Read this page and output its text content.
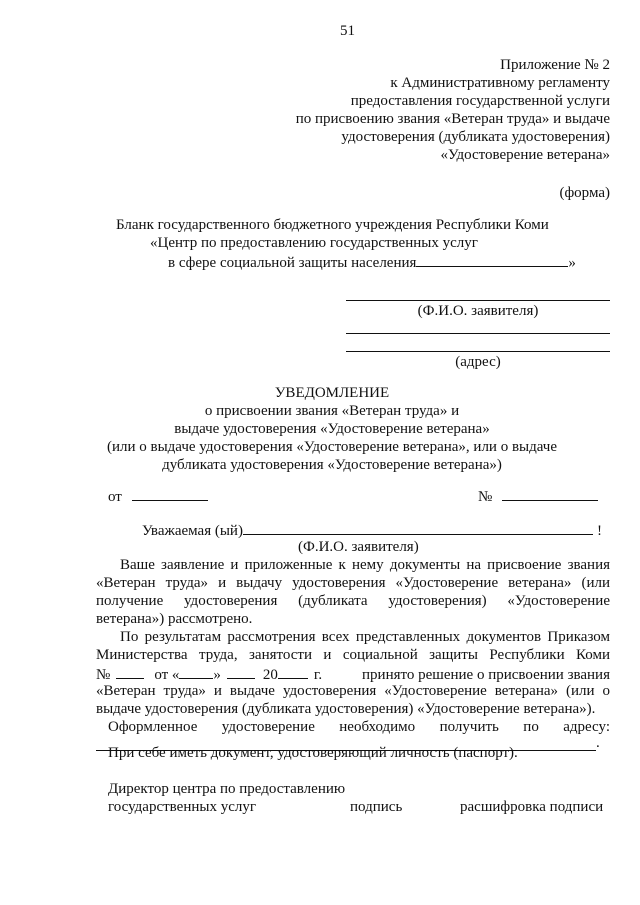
51
Приложение № 2
к Административному регламенту
предоставления государственной услуги
по присвоению звания «Ветеран труда» и выдаче
удостоверения (дубликата удостоверения)
«Удостоверение ветерана»
(форма)
Бланк государственного бюджетного учреждения Республики Коми
«Центр по предоставлению государственных услуг
в сфере социальной защиты населения	»
(Ф.И.О. заявителя)
(адрес)
УВЕДОМЛЕНИЕ
о присвоении звания «Ветеран труда» и
выдаче удостоверения «Удостоверение ветерана»
(или о выдаче удостоверения «Удостоверение ветерана», или о выдаче
дубликата удостоверения «Удостоверение ветерана»)
от	№
Уважаемая (ый)	!
(Ф.И.О. заявителя)
Ваше заявление и приложенные к нему документы на присвоение звания
«Ветеран труда» и выдачу удостоверения «Удостоверение ветерана» (или
получение удостоверения (дубликата удостоверения) «Удостоверение
ветерана») рассмотрено.
По результатам рассмотрения всех представленных документов Приказом
Министерства труда, занятости и социальной защиты Республики Коми
№	от « »	20 г.	принято решение о присвоении звания
«Ветеран труда» и выдаче удостоверения «Удостоверение ветерана» (или о
выдаче удостоверения (дубликата удостоверения) «Удостоверение ветерана»).
Оформленное удостоверение необходимо получить по адресу:
.
При себе иметь документ, удостоверяющий личность (паспорт).
Директор центра по предоставлению
государственных услуг	подпись	расшифровка подписи
